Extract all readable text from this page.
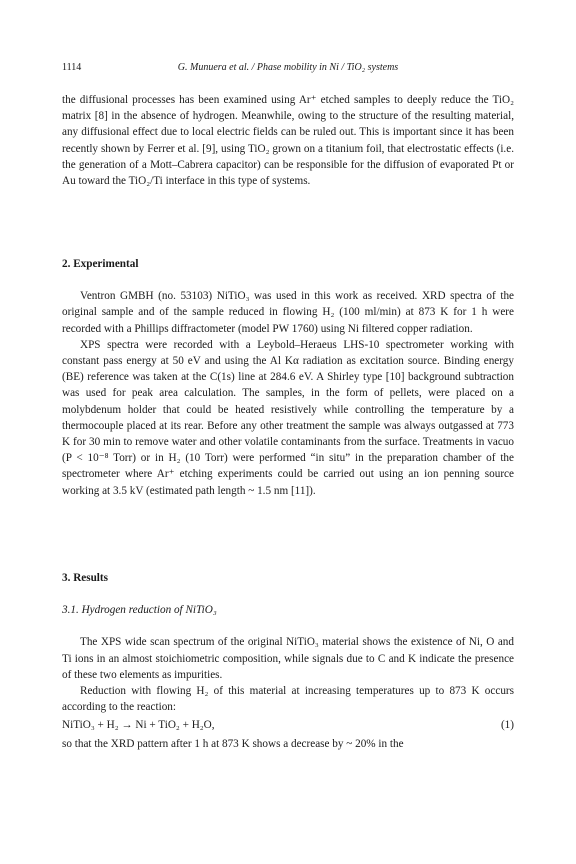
1114	G. Munuera et al. / Phase mobility in Ni / TiO₂ systems

the diffusional processes has been examined using Ar⁺ etched samples to deeply reduce the TiO₂ matrix [8] in the absence of hydrogen. Meanwhile, owing to the structure of the resulting material, any diffusional effect due to local electric fields can be ruled out. This is important since it has been recently shown by Ferrer et al. [9], using TiO₂ grown on a titanium foil, that electrostatic effects (i.e. the generation of a Mott–Cabrera capacitor) can be responsible for the diffusion of evaporated Pt or Au toward the TiO₂/Ti interface in this type of systems.

2. Experimental

Ventron GMBH (no. 53103) NiTiO₃ was used in this work as received. XRD spectra of the original sample and of the sample reduced in flowing H₂ (100 ml/min) at 873 K for 1 h were recorded with a Phillips diffractometer (model PW 1760) using Ni filtered copper radiation.

XPS spectra were recorded with a Leybold–Heraeus LHS-10 spectrometer working with constant pass energy at 50 eV and using the Al Kα radiation as excitation source. Binding energy (BE) reference was taken at the C(1s) line at 284.6 eV. A Shirley type [10] background subtraction was used for peak area calculation. The samples, in the form of pellets, were placed on a molybdenum holder that could be heated resistively while controlling the temperature by a thermocouple placed at its rear. Before any other treatment the sample was always outgassed at 773 K for 30 min to remove water and other volatile contaminants from the surface. Treatments in vacuo (P < 10⁻⁸ Torr) or in H₂ (10 Torr) were performed “in situ” in the preparation chamber of the spectrometer where Ar⁺ etching experiments could be carried out using an ion penning source working at 3.5 kV (estimated path length ~ 1.5 nm [11]).

3. Results
3.1. Hydrogen reduction of NiTiO₃

The XPS wide scan spectrum of the original NiTiO₃ material shows the existence of Ni, O and Ti ions in an almost stoichiometric composition, while signals due to C and K indicate the presence of these two elements as impurities.

Reduction with flowing H₂ of this material at increasing temperatures up to 873 K occurs according to the reaction:

NiTiO₃ + H₂ → Ni + TiO₂ + H₂O,	(1)

so that the XRD pattern after 1 h at 873 K shows a decrease by ~ 20% in the
